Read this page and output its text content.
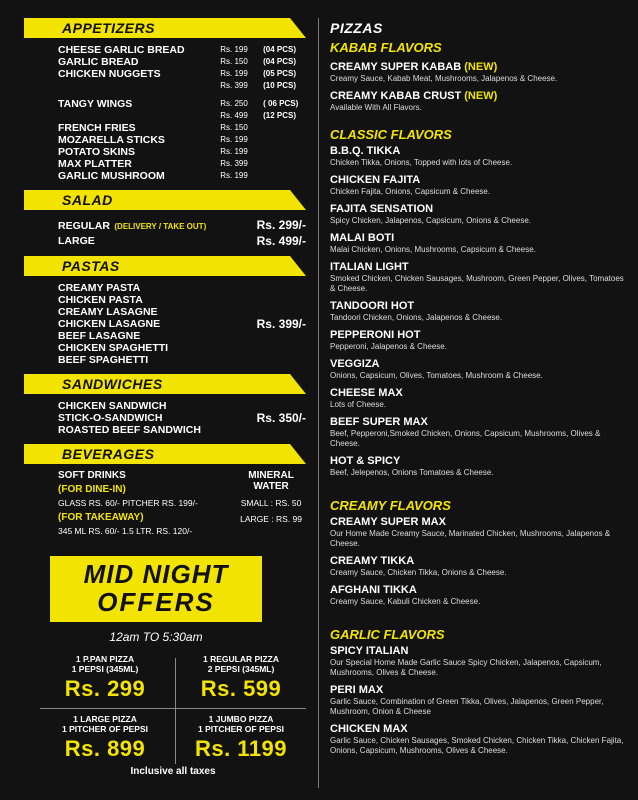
APPETIZERS
CHEESE GARLIC BREAD	Rs. 199	(04 PCS)
GARLIC BREAD	Rs. 150	(04 PCS)
CHICKEN NUGGETS	Rs. 199	(05 PCS)
Rs. 399	(10 PCS)
TANGY WINGS	Rs. 250	( 06 PCS)
Rs. 499	(12 PCS)
FRENCH FRIES	Rs. 150
MOZARELLA STICKS	Rs. 199
POTATO SKINS	Rs. 199
MAX PLATTER	Rs. 399
GARLIC MUSHROOM	Rs. 199
SALAD
REGULAR (DELIVERY / TAKE OUT)	Rs. 299/-
LARGE	Rs. 499/-
PASTAS
CREAMY PASTA
CHICKEN PASTA
CREAMY LASAGNE
CHICKEN LASAGNE
BEEF LASAGNE
CHICKEN SPAGHETTI
BEEF SPAGHETTI
Rs. 399/-
SANDWICHES
CHICKEN SANDWICH
STICK-O-SANDWICH
ROASTED BEEF SANDWICH
Rs. 350/-
BEVERAGES
SOFT DRINKS
(FOR DINE-IN)
GLASS RS. 60/- PITCHER RS. 199/-
(FOR TAKEAWAY)
345 ML RS. 60/- 1.5 LTR. RS. 120/-
MINERAL
WATER
SMALL : RS. 50
LARGE : RS. 99
MID NIGHT
OFFERS
12am TO 5:30am
1 P.PAN PIZZA
1 PEPSI (345ML)
Rs. 299
1 REGULAR PIZZA
2 PEPSI (345ML)
Rs. 599
1 LARGE PIZZA
1 PITCHER OF PEPSI
Rs. 899
1 JUMBO PIZZA
1 PITCHER OF PEPSI
Rs. 1199
Inclusive all taxes
PIZZAS
KABAB FLAVORS
CREAMY SUPER KABAB (NEW)
Creamy Sauce, Kabab Meat, Mushrooms, Jalapenos & Cheese.
CREAMY KABAB CRUST (NEW)
Available With All Flavors.
CLASSIC FLAVORS
B.B.Q. TIKKA
Chicken Tikka, Onions, Topped with lots of Cheese.
CHICKEN FAJITA
Chicken Fajita, Onions, Capsicum & Cheese.
FAJITA SENSATION
Spicy Chicken, Jalapenos, Capsicum, Onions & Cheese.
MALAI BOTI
Malai Chicken, Onions, Mushrooms, Capsicum & Cheese.
ITALIAN LIGHT
Smoked Chicken, Chicken Sausages, Mushroom, Green Pepper, Olives, Tomatoes & Cheese.
TANDOORI HOT
Tandoori Chicken, Onions, Jalapenos & Cheese.
PEPPERONI HOT
Pepperoni, Jalapenos & Cheese.
VEGGIZA
Onions, Capsicum, Olives, Tomatoes, Mushroom & Cheese.
CHEESE MAX
Lots of Cheese.
BEEF SUPER MAX
Beef, Pepperoni,Smoked Chicken, Onions, Capsicum, Mushrooms, Olives & Cheese.
HOT & SPICY
Beef, Jelepenos, Onions Tomatoes & Cheese.
CREAMY FLAVORS
CREAMY SUPER MAX
Our Home Made Creamy Sauce, Marinated Chicken, Mushrooms, Jalapenos & Cheese.
CREAMY TIKKA
Creamy Sauce, Chicken Tikka, Onions & Cheese.
AFGHANI TIKKA
Creamy Sauce, Kabuli Chicken & Cheese.
GARLIC FLAVORS
SPICY ITALIAN
Our Special Home Made Garlic Sauce Spicy Chicken, Jalapenos, Capsicum, Mushrooms, Olives & Cheese.
PERI MAX
Garlic Sauce, Combination of Green Tikka, Olives, Jalapenos, Green Pepper, Mushroom, Onion & Cheese
CHICKEN MAX
Garlic Sauce, Chicken Sausages, Smoked Chicken, Chicken Tikka, Chicken Fajita, Onions, Capsicum, Mushrooms, Olives & Cheese.
